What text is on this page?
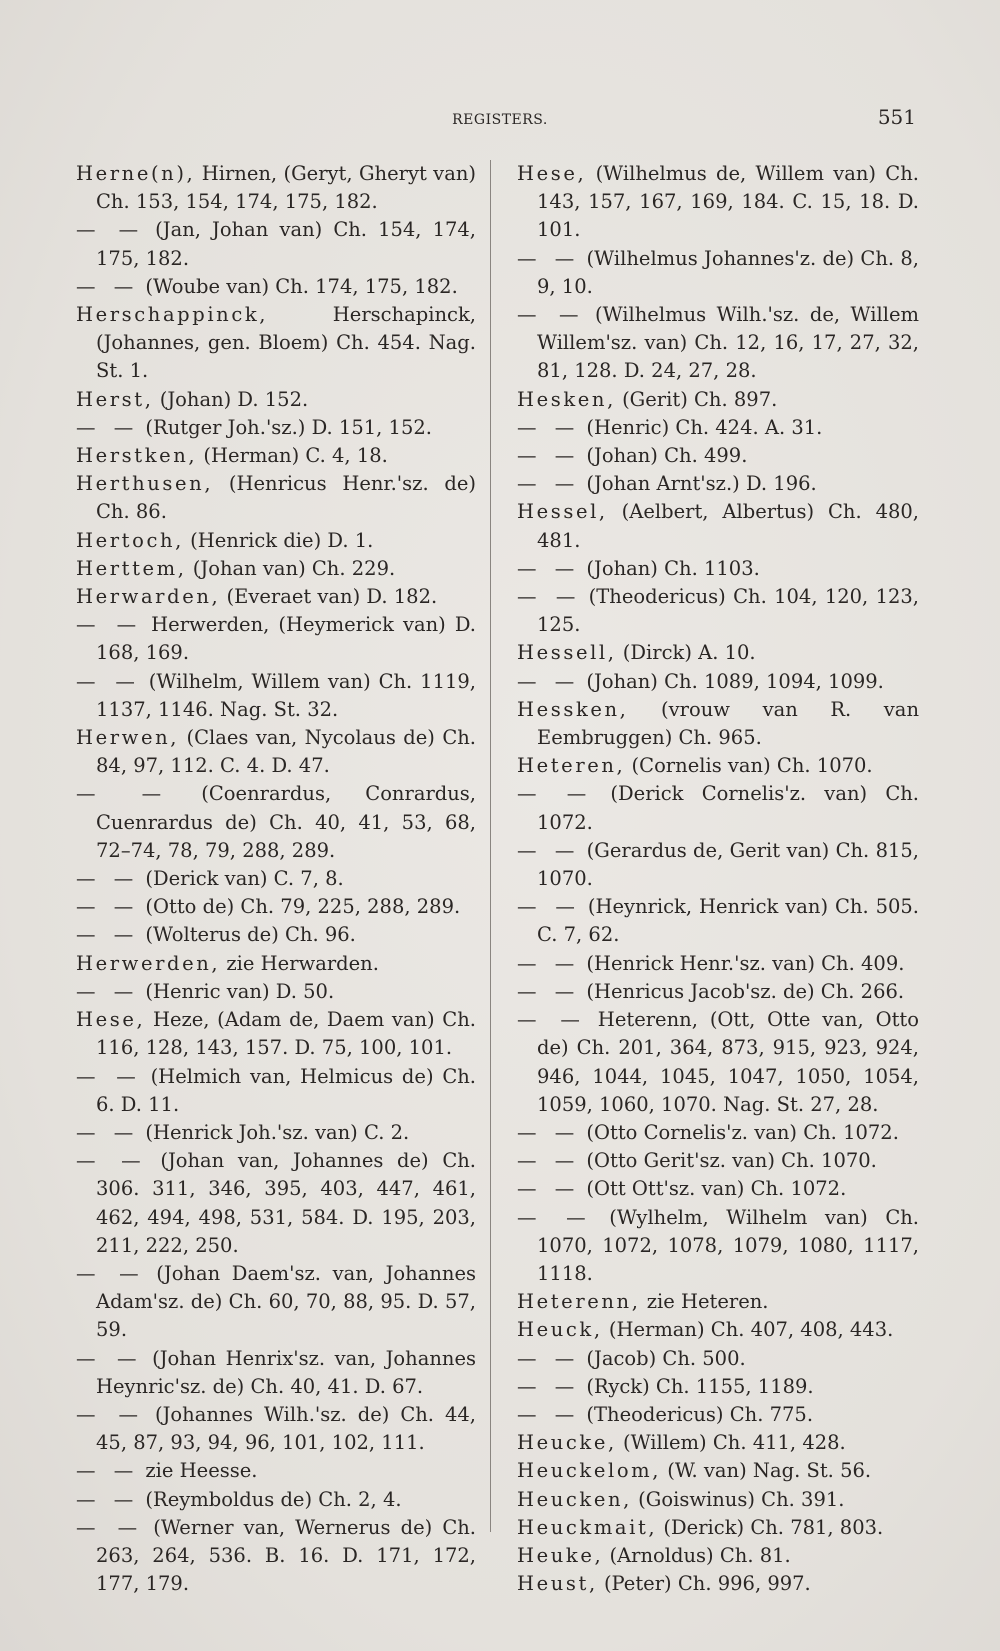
REGISTERS.	551
Herne(n), Hirnen, (Geryt, Gheryt van) Ch. 153, 154, 174, 175, 182.
— — (Jan, Johan van) Ch. 154, 174, 175, 182.
— — (Woube van) Ch. 174, 175, 182.
Herschappinck, Herschapinck, (Johannes, gen. Bloem) Ch. 454. Nag. St. 1.
Herst, (Johan) D. 152.
— — (Rutger Joh.'sz.) D. 151, 152.
Herstken, (Herman) C. 4, 18.
Herthusen, (Henricus Henr.'sz. de) Ch. 86.
Hertoch, (Henrick die) D. 1.
Herttem, (Johan van) Ch. 229.
Herwarden, (Everaet van) D. 182.
— — Herwerden, (Heymerick van) D. 168, 169.
— — (Wilhelm, Willem van) Ch. 1119, 1137, 1146. Nag. St. 32.
Herwen, (Claes van, Nycolaus de) Ch. 84, 97, 112. C. 4. D. 47.
— — (Coenrardus, Conrardus, Cuenrardus de) Ch. 40, 41, 53, 68, 72–74, 78, 79, 288, 289.
— — (Derick van) C. 7, 8.
— — (Otto de) Ch. 79, 225, 288, 289.
— — (Wolterus de) Ch. 96.
Herwerden, zie Herwarden.
— — (Henric van) D. 50.
Hese, Heze, (Adam de, Daem van) Ch. 116, 128, 143, 157. D. 75, 100, 101.
— — (Helmich van, Helmicus de) Ch. 6. D. 11.
— — (Henrick Joh.'sz. van) C. 2.
— — (Johan van, Johannes de) Ch. 306. 311, 346, 395, 403, 447, 461, 462, 494, 498, 531, 584. D. 195, 203, 211, 222, 250.
— — (Johan Daem'sz. van, Johannes Adam'sz. de) Ch. 60, 70, 88, 95. D. 57, 59.
— — (Johan Henrix'sz. van, Johannes Heynric'sz. de) Ch. 40, 41. D. 67.
— — (Johannes Wilh.'sz. de) Ch. 44, 45, 87, 93, 94, 96, 101, 102, 111.
— — zie Heesse.
— — (Reymboldus de) Ch. 2, 4.
— — (Werner van, Wernerus de) Ch. 263, 264, 536. B. 16. D. 171, 172, 177, 179.
Hese, (Wilhelmus de, Willem van) Ch. 143, 157, 167, 169, 184. C. 15, 18. D. 101.
— — (Wilhelmus Johannes'z. de) Ch. 8, 9, 10.
— — (Wilhelmus Wilh.'sz. de, Willem Willem'sz. van) Ch. 12, 16, 17, 27, 32, 81, 128. D. 24, 27, 28.
Hesken, (Gerit) Ch. 897.
— — (Henric) Ch. 424. A. 31.
— — (Johan) Ch. 499.
— — (Johan Arnt'sz.) D. 196.
Hessel, (Aelbert, Albertus) Ch. 480, 481.
— — (Johan) Ch. 1103.
— — (Theodericus) Ch. 104, 120, 123, 125.
Hessell, (Dirck) A. 10.
— — (Johan) Ch. 1089, 1094, 1099.
Hessken, (vrouw van R. van Eembruggen) Ch. 965.
Heteren, (Cornelis van) Ch. 1070.
— — (Derick Cornelis'z. van) Ch. 1072.
— — (Gerardus de, Gerit van) Ch. 815, 1070.
— — (Heynrick, Henrick van) Ch. 505. C. 7, 62.
— — (Henrick Henr.'sz. van) Ch. 409.
— — (Henricus Jacob'sz. de) Ch. 266.
— — Heterenn, (Ott, Otte van, Otto de) Ch. 201, 364, 873, 915, 923, 924, 946, 1044, 1045, 1047, 1050, 1054, 1059, 1060, 1070. Nag. St. 27, 28.
— — (Otto Cornelis'z. van) Ch. 1072.
— — (Otto Gerit'sz. van) Ch. 1070.
— — (Ott Ott'sz. van) Ch. 1072.
— — (Wylhelm, Wilhelm van) Ch. 1070, 1072, 1078, 1079, 1080, 1117, 1118.
Heterenn, zie Heteren.
Heuck, (Herman) Ch. 407, 408, 443.
— — (Jacob) Ch. 500.
— — (Ryck) Ch. 1155, 1189.
— — (Theodericus) Ch. 775.
Heucke, (Willem) Ch. 411, 428.
Heuckelom, (W. van) Nag. St. 56.
Heucken, (Goiswinus) Ch. 391.
Heuckmait, (Derick) Ch. 781, 803.
Heuke, (Arnoldus) Ch. 81.
Heust, (Peter) Ch. 996, 997.
